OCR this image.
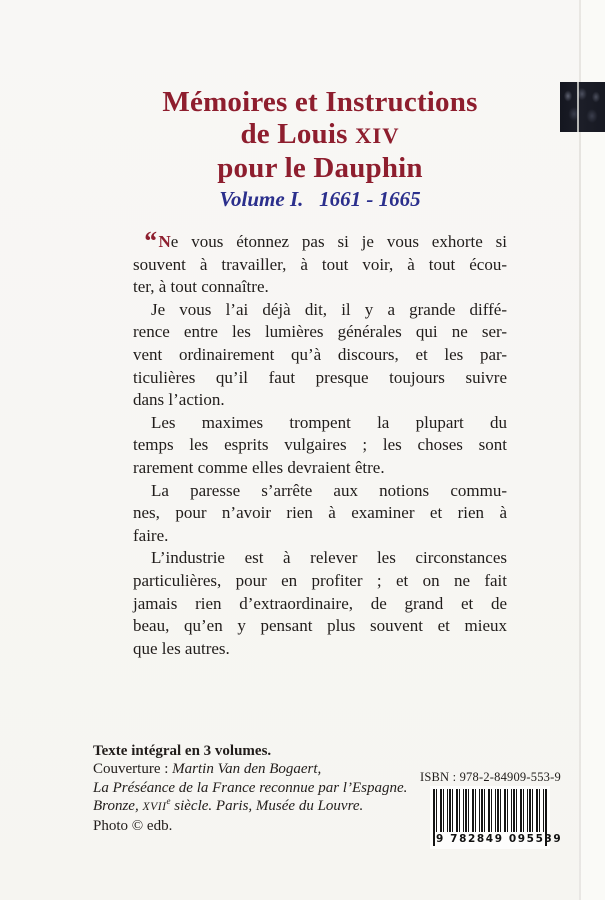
Mémoires et Instructions
de Louis XIV
pour le Dauphin
Volume I.  1661 - 1665
“ Ne vous étonnez pas si je vous exhorte si
souvent à travailler, à tout voir, à tout écou-
ter, à tout connaître.
Je vous l’ai déjà dit, il y a grande diffé-
rence entre les lumières générales qui ne ser-
vent ordinairement qu’à discours, et les par-
ticulières qu’il faut presque toujours suivre
dans l’action.
Les maximes trompent la plupart du
temps les esprits vulgaires ; les choses sont
rarement comme elles devraient être.
La paresse s’arrête aux notions commu-
nes, pour n’avoir rien à examiner et rien à
faire.
L’industrie est à relever les circonstances
particulières, pour en profiter ; et on ne fait
jamais rien d’extraordinaire, de grand et de
beau, qu’en y pensant plus souvent et mieux
que les autres.
Texte intégral en 3 volumes.
Couverture : Martin Van den Bogaert,
La Préséance de la France reconnue par l’Espagne.
Bronze, XVIIe siècle. Paris, Musée du Louvre.
Photo © edb.
ISBN : 978-2-84909-553-9
9 782849 095539
